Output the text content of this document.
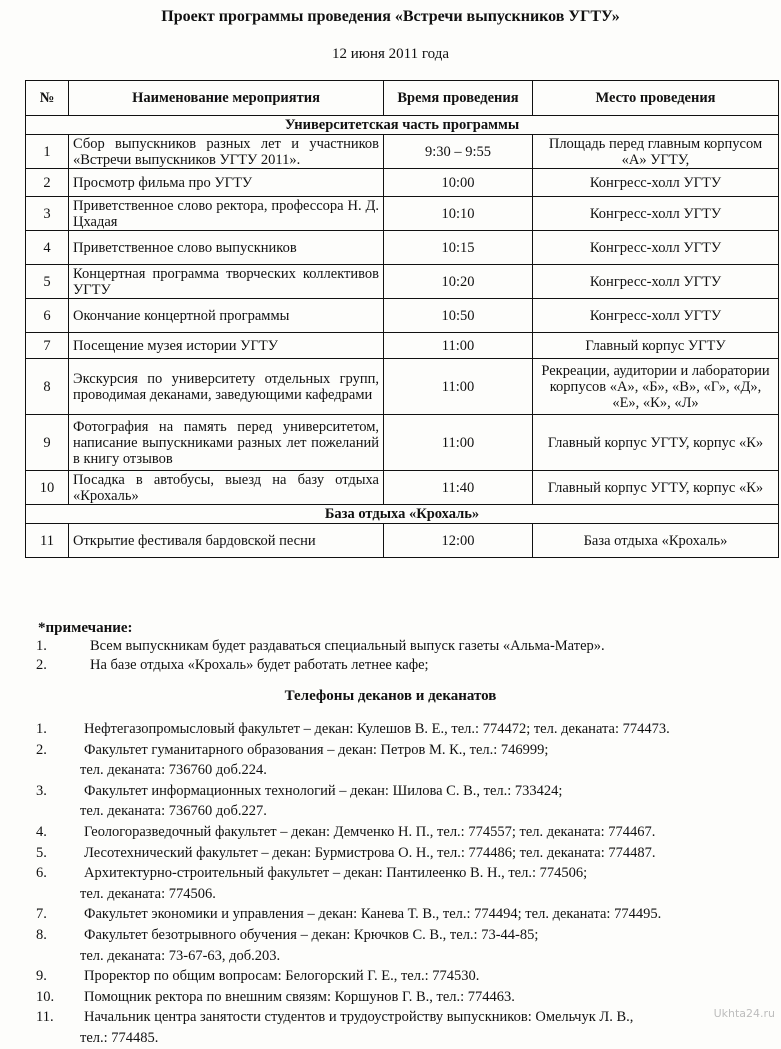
Проект программы проведения «Встречи выпускников УГТУ»
12 июня 2011 года
№	Наименование мероприятия	Время проведения	Место проведения
Университетская часть программы			
1	Сбор выпускников разных лет и участников «Встречи выпускников УГТУ 2011».	9:30 – 9:55	Площадь перед главным корпусом «А» УГТУ,
2	Просмотр фильма про УГТУ	10:00	Конгресс-холл УГТУ
3	Приветственное слово ректора, профессора Н. Д. Цхадая	10:10	Конгресс-холл УГТУ
4	Приветственное слово выпускников	10:15	Конгресс-холл УГТУ
5	Концертная программа творческих коллективов УГТУ	10:20	Конгресс-холл УГТУ
6	Окончание концертной программы	10:50	Конгресс-холл УГТУ
7	Посещение музея истории УГТУ	11:00	Главный корпус УГТУ
8	Экскурсия по университету отдельных групп, проводимая деканами, заведующими кафедрами	11:00	Рекреации, аудитории и лаборатории корпусов «А», «Б», «В», «Г», «Д», «Е», «К», «Л»
9	Фотография на память перед университетом, написание выпускниками разных лет пожеланий в книгу отзывов	11:00	Главный корпус УГТУ, корпус «К»
10	Посадка в автобусы, выезд на базу отдыха «Крохаль»	11:40	Главный корпус УГТУ, корпус «К»
База отдыха «Крохаль»			
11	Открытие фестиваля бардовской песни	12:00	База отдыха «Крохаль»
*примечание:
1.	Всем выпускникам будет раздаваться специальный выпуск газеты «Альма-Матер».
2.	На базе отдыха «Крохаль» будет работать летнее кафе;
Телефоны деканов и деканатов
1.	Нефтегазопромысловый факультет – декан: Кулешов В. Е., тел.: 774472; тел. деканата: 774473.
2.	Факультет гуманитарного образования – декан: Петров М. К., тел.: 746999;
тел. деканата: 736760 доб.224.
3.	Факультет информационных технологий – декан: Шилова С. В., тел.: 733424;
тел. деканата: 736760 доб.227.
4.	Геологоразведочный факультет – декан: Демченко Н. П., тел.: 774557; тел. деканата: 774467.
5.	Лесотехнический факультет – декан: Бурмистрова О. Н., тел.: 774486; тел. деканата: 774487.
6.	Архитектурно-строительный факультет – декан: Пантилеенко В. Н., тел.: 774506;
тел. деканата: 774506.
7.	Факультет экономики и управления – декан: Канева Т. В., тел.: 774494; тел. деканата: 774495.
8.	Факультет безотрывного обучения – декан: Крючков С. В., тел.: 73-44-85;
тел. деканата: 73-67-63, доб.203.
9.	Проректор по общим вопросам: Белогорский Г. Е., тел.: 774530.
10. Помощник ректора по внешним связям: Коршунов Г. В., тел.: 774463.
11. Начальник центра занятости студентов и трудоустройству выпускников: Омельчук Л. В.,
тел.: 774485.
Ukhta24.ru
